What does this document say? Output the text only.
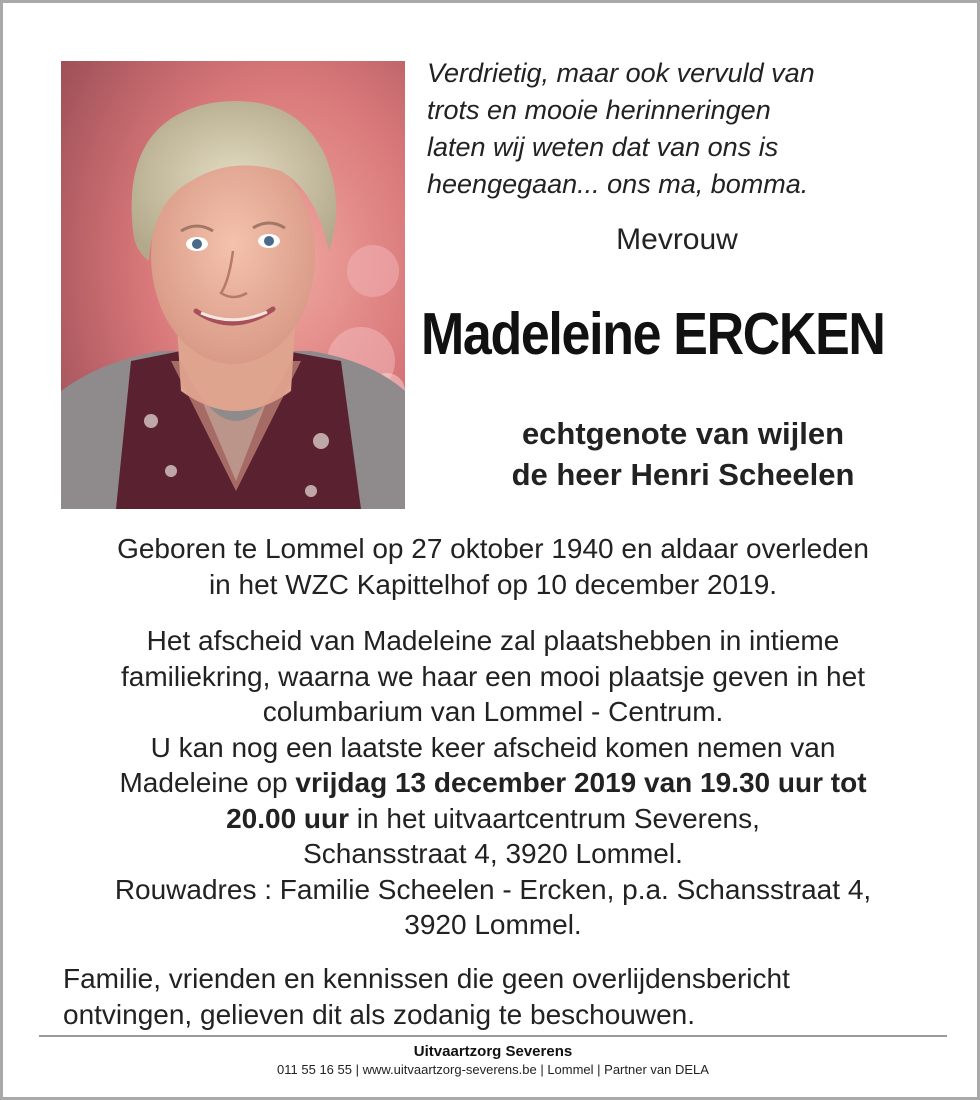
Verdrietig, maar ook vervuld van
trots en mooie herinneringen
laten wij weten dat van ons is
heengegaan... ons ma, bomma.
Mevrouw
Madeleine ERCKEN
echtgenote van wijlen
de heer Henri Scheelen
Geboren te Lommel op 27 oktober 1940 en aldaar overleden
in het WZC Kapittelhof op 10 december 2019.
Het afscheid van Madeleine zal plaatshebben in intieme
familiekring, waarna we haar een mooi plaatsje geven in het
columbarium van Lommel - Centrum.
U kan nog een laatste keer afscheid komen nemen van
Madeleine op vrijdag 13 december 2019 van 19.30 uur tot
20.00 uur in het uitvaartcentrum Severens,
Schansstraat 4, 3920 Lommel.
Rouwadres : Familie Scheelen - Ercken, p.a. Schansstraat 4,
3920 Lommel.
Familie, vrienden en kennissen die geen overlijdensbericht
ontvingen, gelieven dit als zodanig te beschouwen.
Uitvaartzorg Severens
011 55 16 55 | www.uitvaartzorg-severens.be | Lommel | Partner van DELA
